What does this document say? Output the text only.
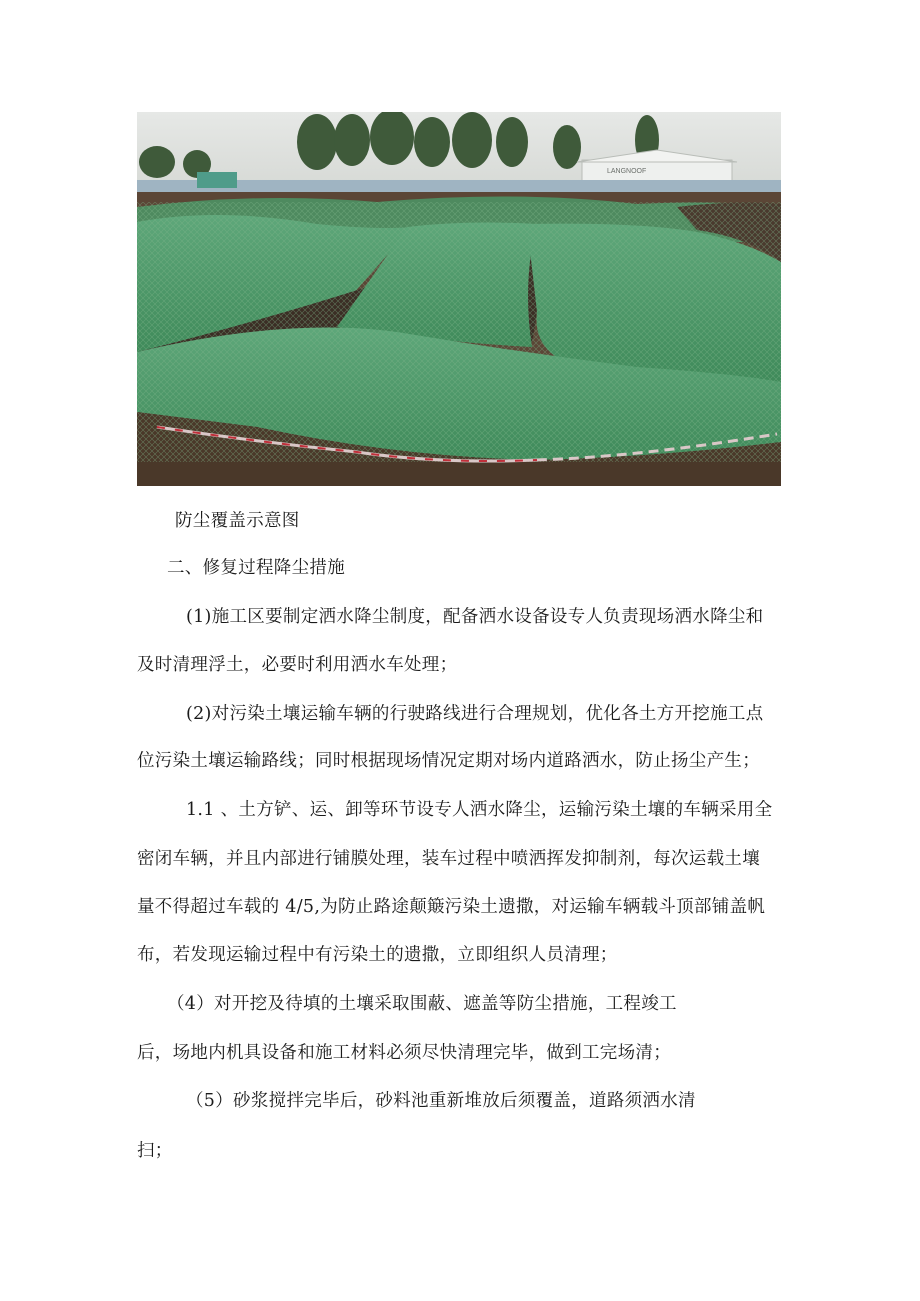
LANGNOOF
防尘覆盖示意图
二、修复过程降尘措施
(1)施工区要制定洒水降尘制度，配备洒水设备设专人负责现场洒水降尘和
及时清理浮土，必要时利用洒水车处理；
(2)对污染土壤运输车辆的行驶路线进行合理规划，优化各土方开挖施工点
位污染土壤运输路线；同时根据现场情况定期对场内道路洒水，防止扬尘产生；
1.1 、土方铲、运、卸等环节设专人洒水降尘，运输污染土壤的车辆采用全
密闭车辆，并且内部进行铺膜处理，装车过程中喷洒挥发抑制剂，每次运载土壤
量不得超过车载的 4/5,为防止路途颠簸污染土遗撒，对运输车辆载斗顶部铺盖帆
布，若发现运输过程中有污染土的遗撒，立即组织人员清理；
（4）对开挖及待填的土壤采取围蔽、遮盖等防尘措施，工程竣工
后，场地内机具设备和施工材料必须尽快清理完毕，做到工完场清；
（5）砂浆搅拌完毕后，砂料池重新堆放后须覆盖，道路须洒水清
扫；
